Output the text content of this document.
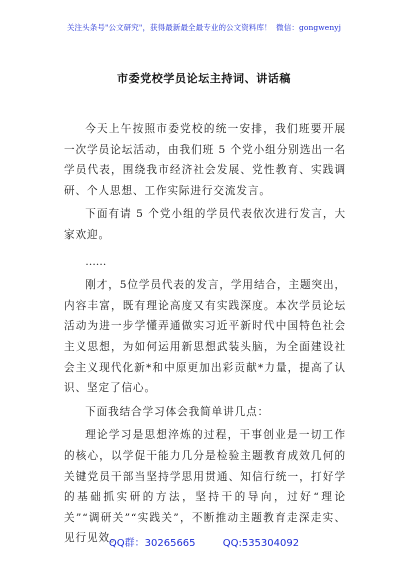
关注头条号"公文研究"，获得最新最全最专业的公文资料库！ 微信：gongwenyj
市委党校学员论坛主持词、讲话稿

今天上午按照市委党校的统一安排，我们班要开展一次学员论坛活动，由我们班 5 个党小组分别选出一名学员代表，围绕我市经济社会发展、党性教育、实践调研、个人思想、工作实际进行交流发言。

下面有请 5 个党小组的学员代表依次进行发言，大家欢迎。

……

刚才，5位学员代表的发言，学用结合，主题突出，内容丰富，既有理论高度又有实践深度。本次学员论坛活动为进一步学懂弄通做实习近平新时代中国特色社会主义思想，为如何运用新思想武装头脑，为全面建设社会主义现代化新*和中原更加出彩贡献*力量，提高了认识、坚定了信心。

下面我结合学习体会我简单讲几点：

理论学习是思想淬炼的过程，干事创业是一切工作的核心，以学促干能力几分是检验主题教育成效几何的关键党员干部当坚持学思用贯通、知信行统一，打好学的基础抓实研的方法，坚持干的导向，过好“理论关”“调研关”“实践关”，不断推动主题教育走深走实、见行见效。

QQ群：30265665	QQ:535304092
